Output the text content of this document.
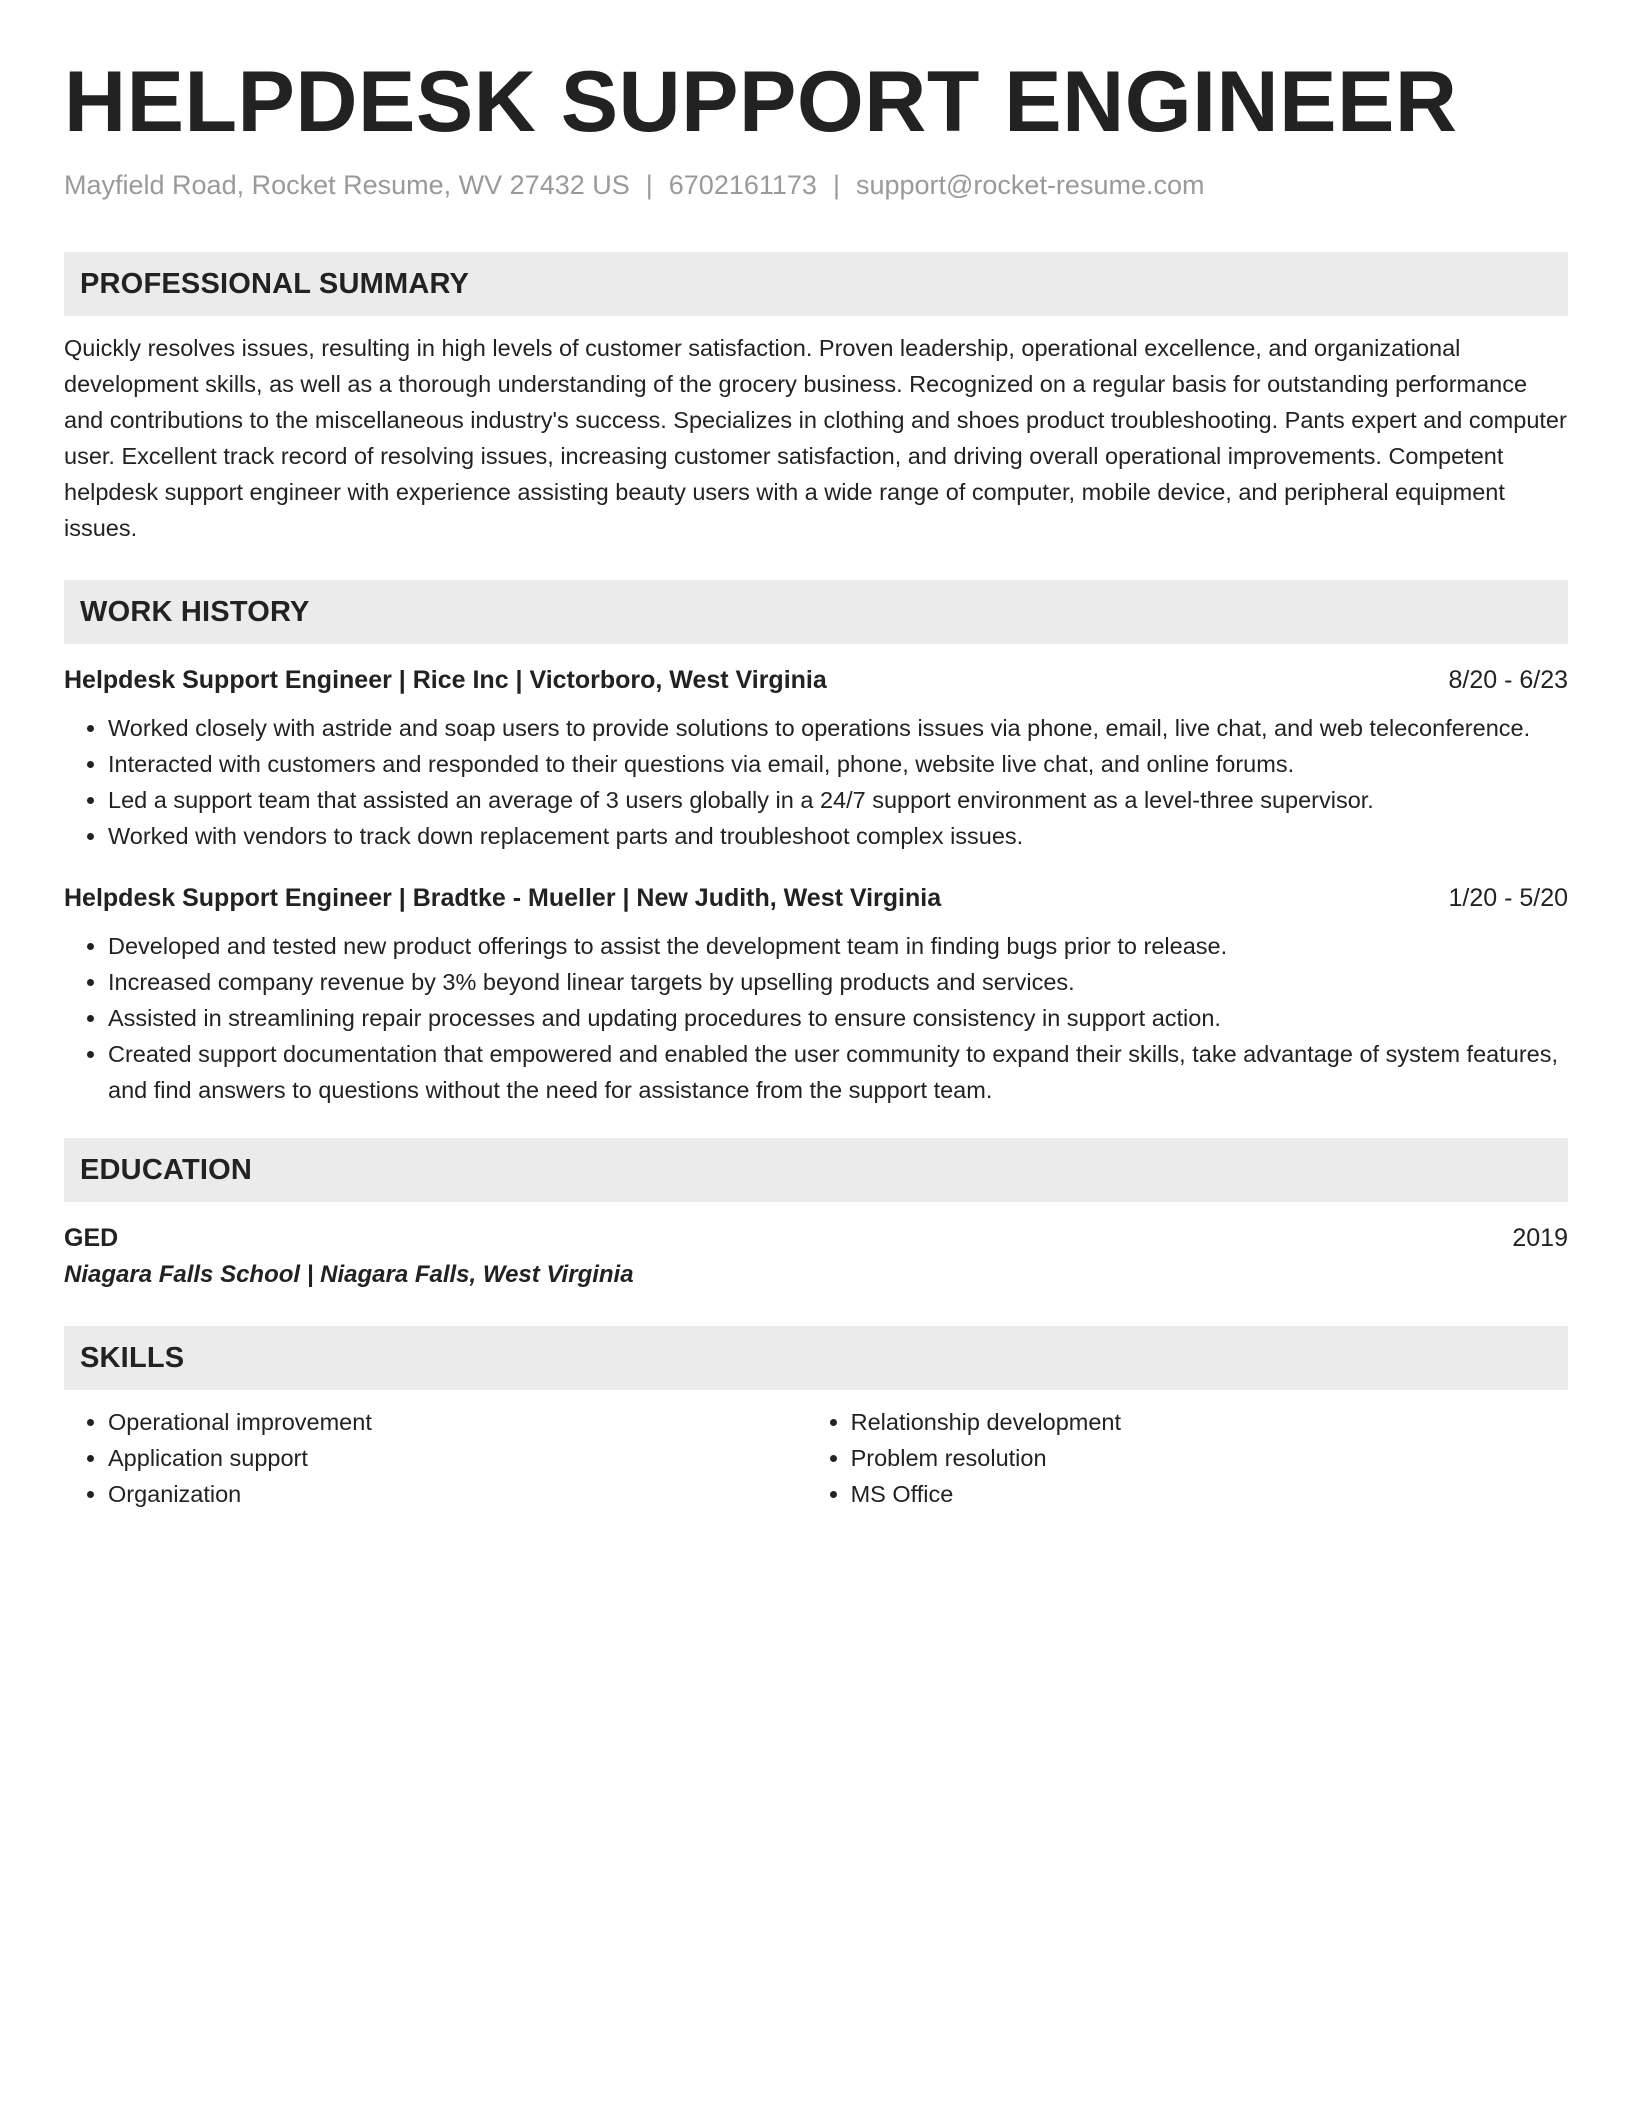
HELPDESK SUPPORT ENGINEER
Mayfield Road, Rocket Resume, WV 27432 US | 6702161173 | support@rocket-resume.com
PROFESSIONAL SUMMARY
Quickly resolves issues, resulting in high levels of customer satisfaction. Proven leadership, operational excellence, and organizational development skills, as well as a thorough understanding of the grocery business. Recognized on a regular basis for outstanding performance and contributions to the miscellaneous industry's success. Specializes in clothing and shoes product troubleshooting. Pants expert and computer user. Excellent track record of resolving issues, increasing customer satisfaction, and driving overall operational improvements. Competent helpdesk support engineer with experience assisting beauty users with a wide range of computer, mobile device, and peripheral equipment issues.
WORK HISTORY
Helpdesk Support Engineer | Rice Inc | Victorboro, West Virginia	8/20 - 6/23
• Worked closely with astride and soap users to provide solutions to operations issues via phone, email, live chat, and web teleconference.
• Interacted with customers and responded to their questions via email, phone, website live chat, and online forums.
• Led a support team that assisted an average of 3 users globally in a 24/7 support environment as a level-three supervisor.
• Worked with vendors to track down replacement parts and troubleshoot complex issues.
Helpdesk Support Engineer | Bradtke - Mueller | New Judith, West Virginia	1/20 - 5/20
• Developed and tested new product offerings to assist the development team in finding bugs prior to release.
• Increased company revenue by 3% beyond linear targets by upselling products and services.
• Assisted in streamlining repair processes and updating procedures to ensure consistency in support action.
• Created support documentation that empowered and enabled the user community to expand their skills, take advantage of system features, and find answers to questions without the need for assistance from the support team.
EDUCATION
GED	2019
Niagara Falls School | Niagara Falls, West Virginia
SKILLS
• Operational improvement
• Application support
• Organization
• Relationship development
• Problem resolution
• MS Office
